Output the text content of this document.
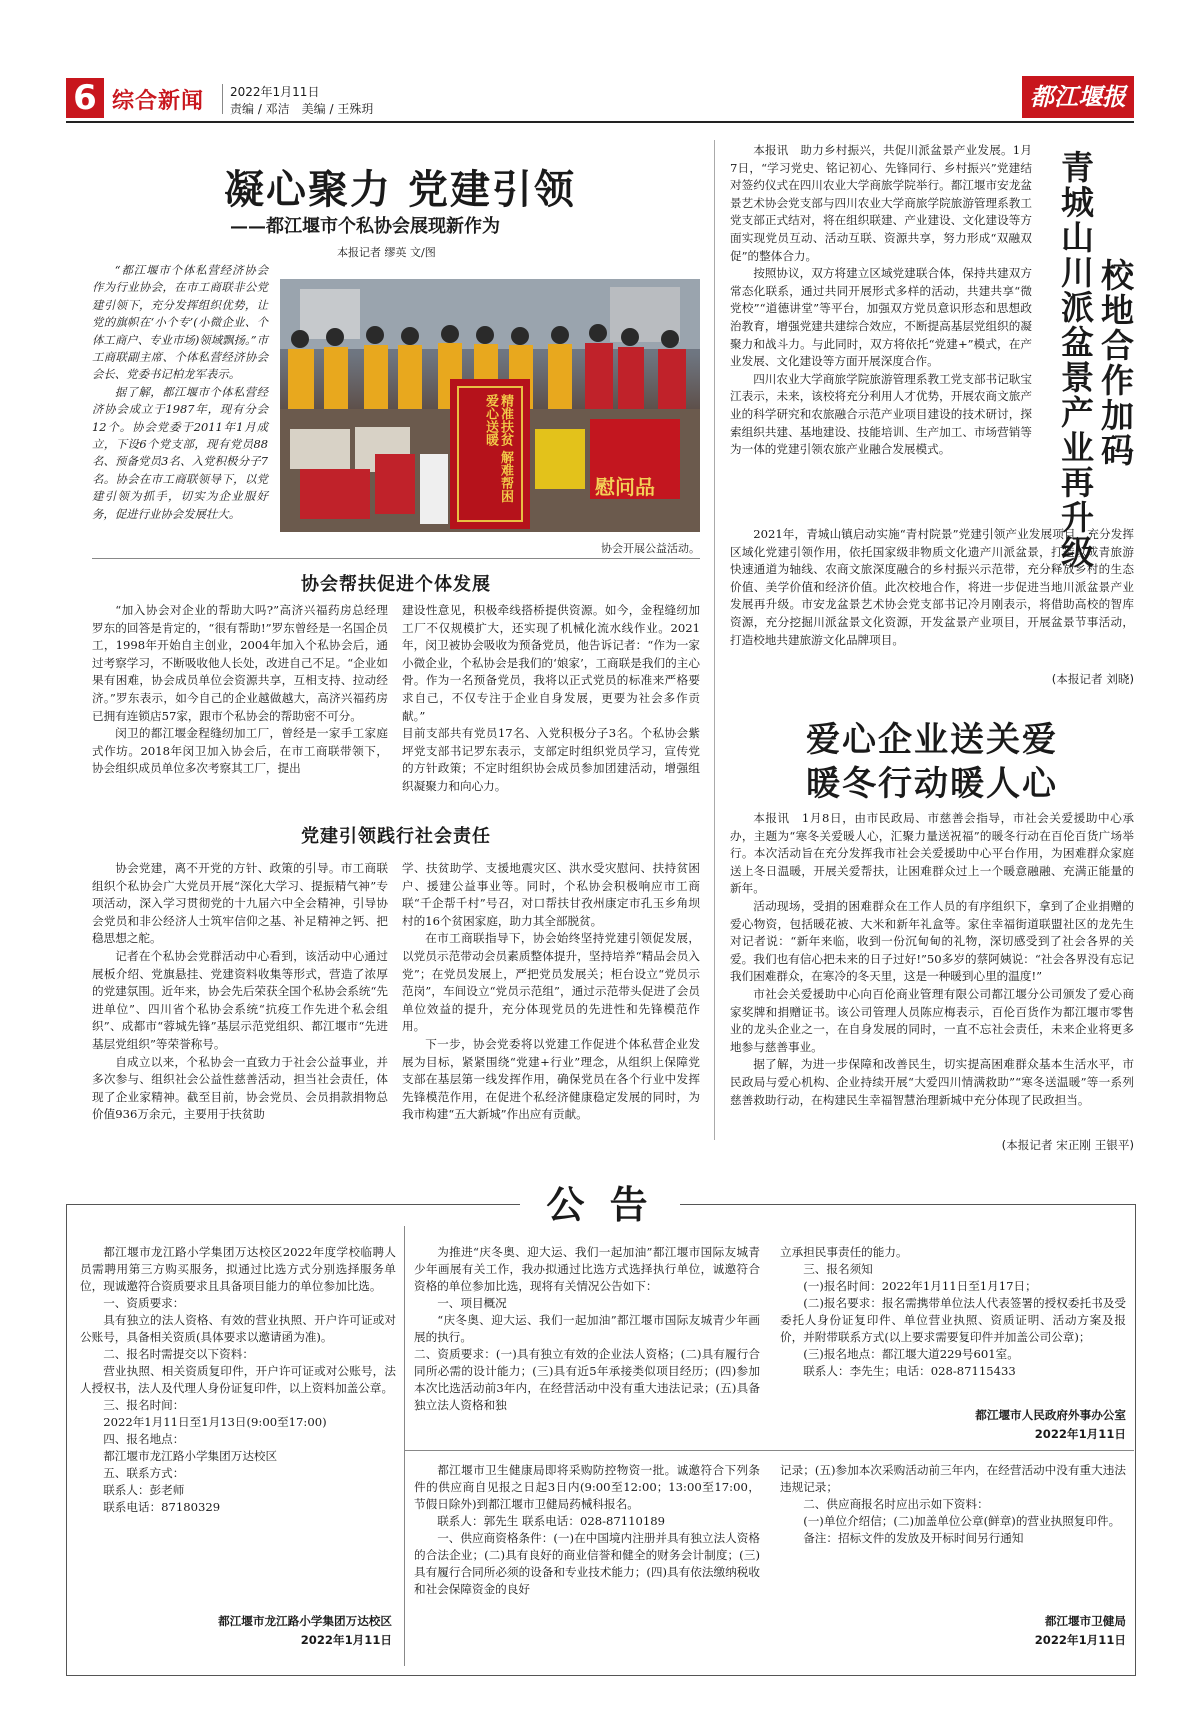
6 综合新闻 2022年1月11日
责编 / 邓洁　美编 / 王殊玥	都江堰报
凝心聚力 党建引领
——都江堰市个私协会展现新作为
本报记者 缪英 文/图

“都江堰市个体私营经济协会作为行业协会，在市工商联非公党建引领下，充分发挥组织优势，让党的旗帜在‘小个专’(小微企业、个体工商户、专业市场)领域飘扬。”市工商联副主席、个体私营经济协会会长、党委书记柏龙军表示。

据了解，都江堰市个体私营经济协会成立于1987年，现有分会12个。协会党委于2011年1月成立，下设6个党支部，现有党员88名、预备党员3名、入党积极分子7名。协会在市工商联领导下，以党建引领为抓手，切实为企业服好务，促进行业协会发展壮大。

精准扶贫 解难帮困 爱心送暖
慰问品
协会开展公益活动。
协会帮扶促进个体发展

“加入协会对企业的帮助大吗?”高济兴福药房总经理罗东的回答是肯定的，“很有帮助!”罗东曾经是一名国企员工，1998年开始自主创业，2004年加入个私协会后，通过考察学习，不断吸收他人长处，改进自己不足。“企业如果有困难，协会成员单位会资源共享，互相支持、拉动经济。”罗东表示，如今自己的企业越做越大，高济兴福药房已拥有连锁店57家，跟市个私协会的帮助密不可分。

闵卫的都江堰金程缝纫加工厂，曾经是一家手工家庭式作坊。2018年闵卫加入协会后，在市工商联带领下，协会组织成员单位多次考察其工厂，提出

建设性意见，积极牵线搭桥提供资源。如今，金程缝纫加工厂不仅规模扩大，还实现了机械化流水线作业。2021年，闵卫被协会吸收为预备党员，他告诉记者：“作为一家小微企业，个私协会是我们的‘娘家’，工商联是我们的主心骨。作为一名预备党员，我将以正式党员的标准来严格要求自己，不仅专注于企业自身发展，更要为社会多作贡献。”

目前支部共有党员17名、入党积极分子3名。个私协会紫坪党支部书记罗东表示，支部定时组织党员学习，宣传党的方针政策；不定时组织协会成员参加团建活动，增强组织凝聚力和向心力。

党建引领践行社会责任

协会党建，离不开党的方针、政策的引导。市工商联组织个私协会广大党员开展“深化大学习、提振精气神”专项活动，深入学习贯彻党的十九届六中全会精神，引导协会党员和非公经济人士筑牢信仰之基、补足精神之钙、把稳思想之舵。

记者在个私协会党群活动中心看到，该活动中心通过展板介绍、党旗悬挂、党建资料收集等形式，营造了浓厚的党建氛围。近年来，协会先后荣获全国个私协会系统“先进单位”、四川省个私协会系统“抗疫工作先进个私会组织”、成都市“蓉城先锋”基层示范党组织、都江堰市“先进基层党组织”等荣誉称号。

自成立以来，个私协会一直致力于社会公益事业，并多次参与、组织社会公益性慈善活动，担当社会责任，体现了企业家精神。截至目前，协会党员、会员捐款捐物总价值936万余元，主要用于扶贫助

学、扶贫助学、支援地震灾区、洪水受灾慰问、扶持贫困户、援建公益事业等。同时，个私协会积极响应市工商联“千企帮千村”号召，对口帮扶甘孜州康定市孔玉乡角坝村的16个贫困家庭，助力其全部脱贫。

在市工商联指导下，协会始终坚持党建引领促发展，以党员示范带动会员素质整体提升，坚持培养“精品会员入党”；在党员发展上，严把党员发展关；柜台设立“党员示范岗”，车间设立“党员示范组”，通过示范带头促进了会员单位效益的提升，充分体现党员的先进性和先锋模范作用。

下一步，协会党委将以党建工作促进个体私营企业发展为目标，紧紧围绕“党建+行业”理念，从组织上保障党支部在基层第一线发挥作用，确保党员在各个行业中发挥先锋模范作用，在促进个私经济健康稳定发展的同时，为我市构建“五大新城”作出应有贡献。

本报讯　助力乡村振兴，共促川派盆景产业发展。1月7日，“学习党史、铭记初心、先锋同行、乡村振兴”党建结对签约仪式在四川农业大学商旅学院举行。都江堰市安龙盆景艺术协会党支部与四川农业大学商旅学院旅游管理系教工党支部正式结对，将在组织联建、产业建设、文化建设等方面实现党员互动、活动互联、资源共享，努力形成“双融双促”的整体合力。

按照协议，双方将建立区域党建联合体，保持共建双方常态化联系，通过共同开展形式多样的活动，共建共享“微党校”“道德讲堂”等平台，加强双方党员意识形态和思想政治教育，增强党建共建综合效应，不断提高基层党组织的凝聚力和战斗力。与此同时，双方将依托“党建+”模式，在产业发展、文化建设等方面开展深度合作。

四川农业大学商旅学院旅游管理系教工党支部书记耿宝江表示，未来，该校将充分利用人才优势，开展农商文旅产业的科学研究和农旅融合示范产业项目建设的技术研讨，探索组织共建、基地建设、技能培训、生产加工、市场营销等为一体的党建引领农旅产业融合发展模式。	青城山川派盆景产业再升级 校地合作加码

2021年，青城山镇启动实施“青村院景”党建引领产业发展项目，充分发挥区域化党建引领作用，依托国家级非物质文化遗产川派盆景，打造以成青旅游快速通道为轴线、农商文旅深度融合的乡村振兴示范带，充分释放乡村的生态价值、美学价值和经济价值。此次校地合作，将进一步促进当地川派盆景产业发展再升级。市安龙盆景艺术协会党支部书记冷月刚表示，将借助高校的智库资源，充分挖掘川派盆景文化资源，开发盆景产业项目，开展盆景节事活动，打造校地共建旅游文化品牌项目。

(本报记者 刘晓)
爱心企业送关爱
暖冬行动暖人心

本报讯　1月8日，由市民政局、市慈善会指导，市社会关爱援助中心承办，主题为“寒冬关爱暖人心，汇聚力量送祝福”的暖冬行动在百伦百货广场举行。本次活动旨在充分发挥我市社会关爱援助中心平台作用，为困难群众家庭送上冬日温暖，开展关爱帮扶，让困难群众过上一个暖意融融、充满正能量的新年。

活动现场，受捐的困难群众在工作人员的有序组织下，拿到了企业捐赠的爱心物资，包括暖花被、大米和新年礼盒等。家住幸福街道联盟社区的龙先生对记者说：“新年来临，收到一份沉甸甸的礼物，深切感受到了社会各界的关爱。我们也有信心把未来的日子过好!”50多岁的蔡阿姨说：“社会各界没有忘记我们困难群众，在寒冷的冬天里，这是一种暖到心里的温度!”

市社会关爱援助中心向百伦商业管理有限公司都江堰分公司颁发了爱心商家奖牌和捐赠证书。该公司管理人员陈应梅表示，百伦百货作为都江堰市零售业的龙头企业之一，在自身发展的同时，一直不忘社会责任，未来企业将更多地参与慈善事业。

据了解，为进一步保障和改善民生，切实提高困难群众基本生活水平，市民政局与爱心机构、企业持续开展“大爱四川情满救助”“寒冬送温暖”等一系列慈善救助行动，在构建民生幸福智慧治理新城中充分体现了民政担当。

(本报记者 宋正刚 王银平)
公 告

都江堰市龙江路小学集团万达校区2022年度学校临聘人员需聘用第三方购买服务，拟通过比选方式分别选择服务单位，现诚邀符合资质要求且具备项目能力的单位参加比选。

一、资质要求：

具有独立的法人资格、有效的营业执照、开户许可证或对公账号，具备相关资质(具体要求以邀请函为准)。

二、报名时需提交以下资料：

营业执照、相关资质复印件，开户许可证或对公账号，法人授权书，法人及代理人身份证复印件，以上资料加盖公章。

三、报名时间：

2022年1月11日至1月13日(9:00至17:00)

四、报名地点：

都江堰市龙江路小学集团万达校区

五、联系方式：

联系人：彭老师

联系电话：87180329

都江堰市龙江路小学集团万达校区
2022年1月11日

为推进“庆冬奥、迎大运、我们一起加油”都江堰市国际友城青少年画展有关工作，我办拟通过比选方式选择执行单位，诚邀符合资格的单位参加比选，现将有关情况公告如下：

一、项目概况

“庆冬奥、迎大运、我们一起加油”都江堰市国际友城青少年画展的执行。

二、资质要求：(一)具有独立有效的企业法人资格；(二)具有履行合同所必需的设计能力；(三)具有近5年承接类似项目经历；(四)参加本次比选活动前3年内，在经营活动中没有重大违法记录；(五)具备独立法人资格和独

立承担民事责任的能力。

三、报名须知

(一)报名时间：2022年1月11日至1月17日；

(二)报名要求：报名需携带单位法人代表签署的授权委托书及受委托人身份证复印件、单位营业执照、资质证明、活动方案及报价，并附带联系方式(以上要求需要复印件并加盖公司公章)；

(三)报名地点：都江堰大道229号601室。

联系人：李先生；电话：028-87115433

都江堰市人民政府外事办公室
2022年1月11日

都江堰市卫生健康局即将采购防控物资一批。诚邀符合下列条件的供应商自见报之日起3日内(9:00至12:00；13:00至17:00，节假日除外)到都江堰市卫健局药械科报名。

联系人：郭先生 联系电话：028-87110189

一、供应商资格条件：(一)在中国境内注册并具有独立法人资格的合法企业；(二)具有良好的商业信誉和健全的财务会计制度；(三)具有履行合同所必须的设备和专业技术能力；(四)具有依法缴纳税收和社会保障资金的良好

记录；(五)参加本次采购活动前三年内，在经营活动中没有重大违法违规记录；

二、供应商报名时应出示如下资料：

(一)单位介绍信；(二)加盖单位公章(鲜章)的营业执照复印件。

备注：招标文件的发放及开标时间另行通知

都江堰市卫健局
2022年1月11日
